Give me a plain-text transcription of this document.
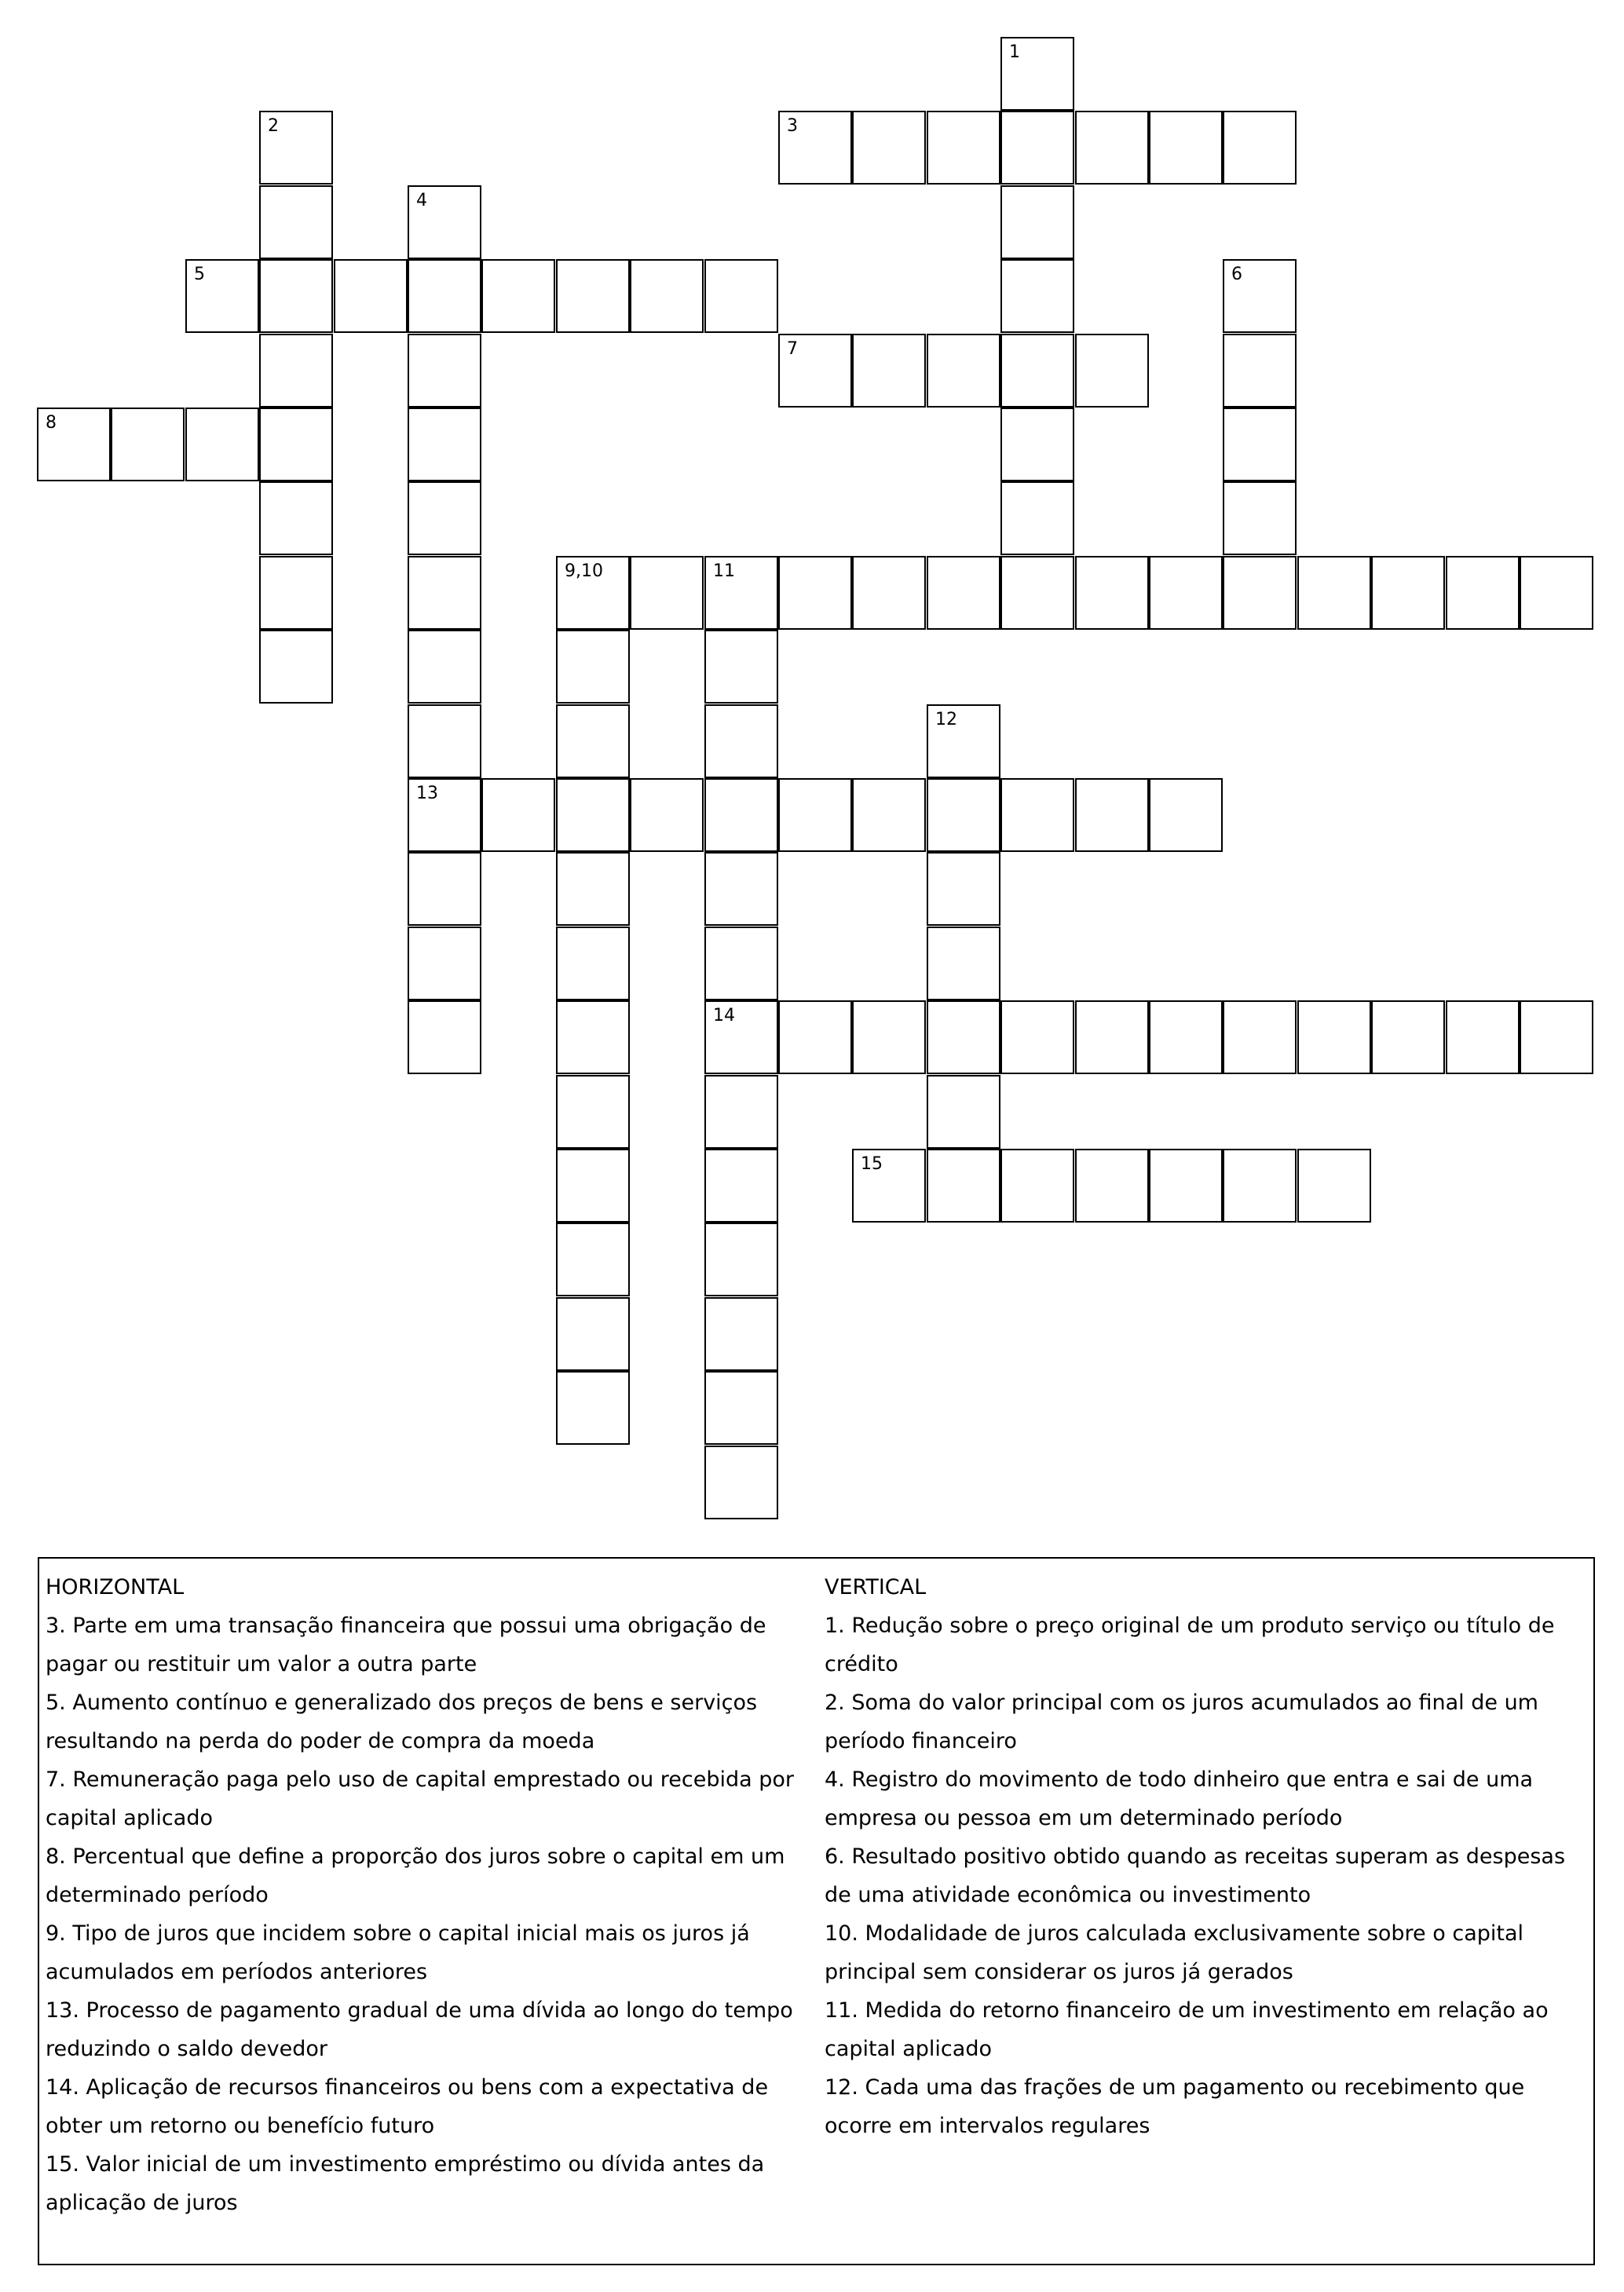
1
2	3
4
13
5	6
7
8
9,10	11
14
12
15
HORIZONTAL
3. Parte em uma transação financeira que possui uma obrigação de pagar ou restituir um valor a outra parte
5. Aumento contínuo e generalizado dos preços de bens e serviços resultando na perda do poder de compra da moeda
7. Remuneração paga pelo uso de capital emprestado ou recebida por capital aplicado
8. Percentual que define a proporção dos juros sobre o capital em um determinado período
9. Tipo de juros que incidem sobre o capital inicial mais os juros já acumulados em períodos anteriores
13. Processo de pagamento gradual de uma dívida ao longo do tempo reduzindo o saldo devedor
14. Aplicação de recursos financeiros ou bens com a expectativa de obter um retorno ou benefício futuro
15. Valor inicial de um investimento empréstimo ou dívida antes da aplicação de juros
VERTICAL
1. Redução sobre o preço original de um produto serviço ou título de crédito
2. Soma do valor principal com os juros acumulados ao final de um período financeiro
4. Registro do movimento de todo dinheiro que entra e sai de uma empresa ou pessoa em um determinado período
6. Resultado positivo obtido quando as receitas superam as despesas de uma atividade econômica ou investimento
10. Modalidade de juros calculada exclusivamente sobre o capital principal sem considerar os juros já gerados
11. Medida do retorno financeiro de um investimento em relação ao capital aplicado
12. Cada uma das frações de um pagamento ou recebimento que ocorre em intervalos regulares
